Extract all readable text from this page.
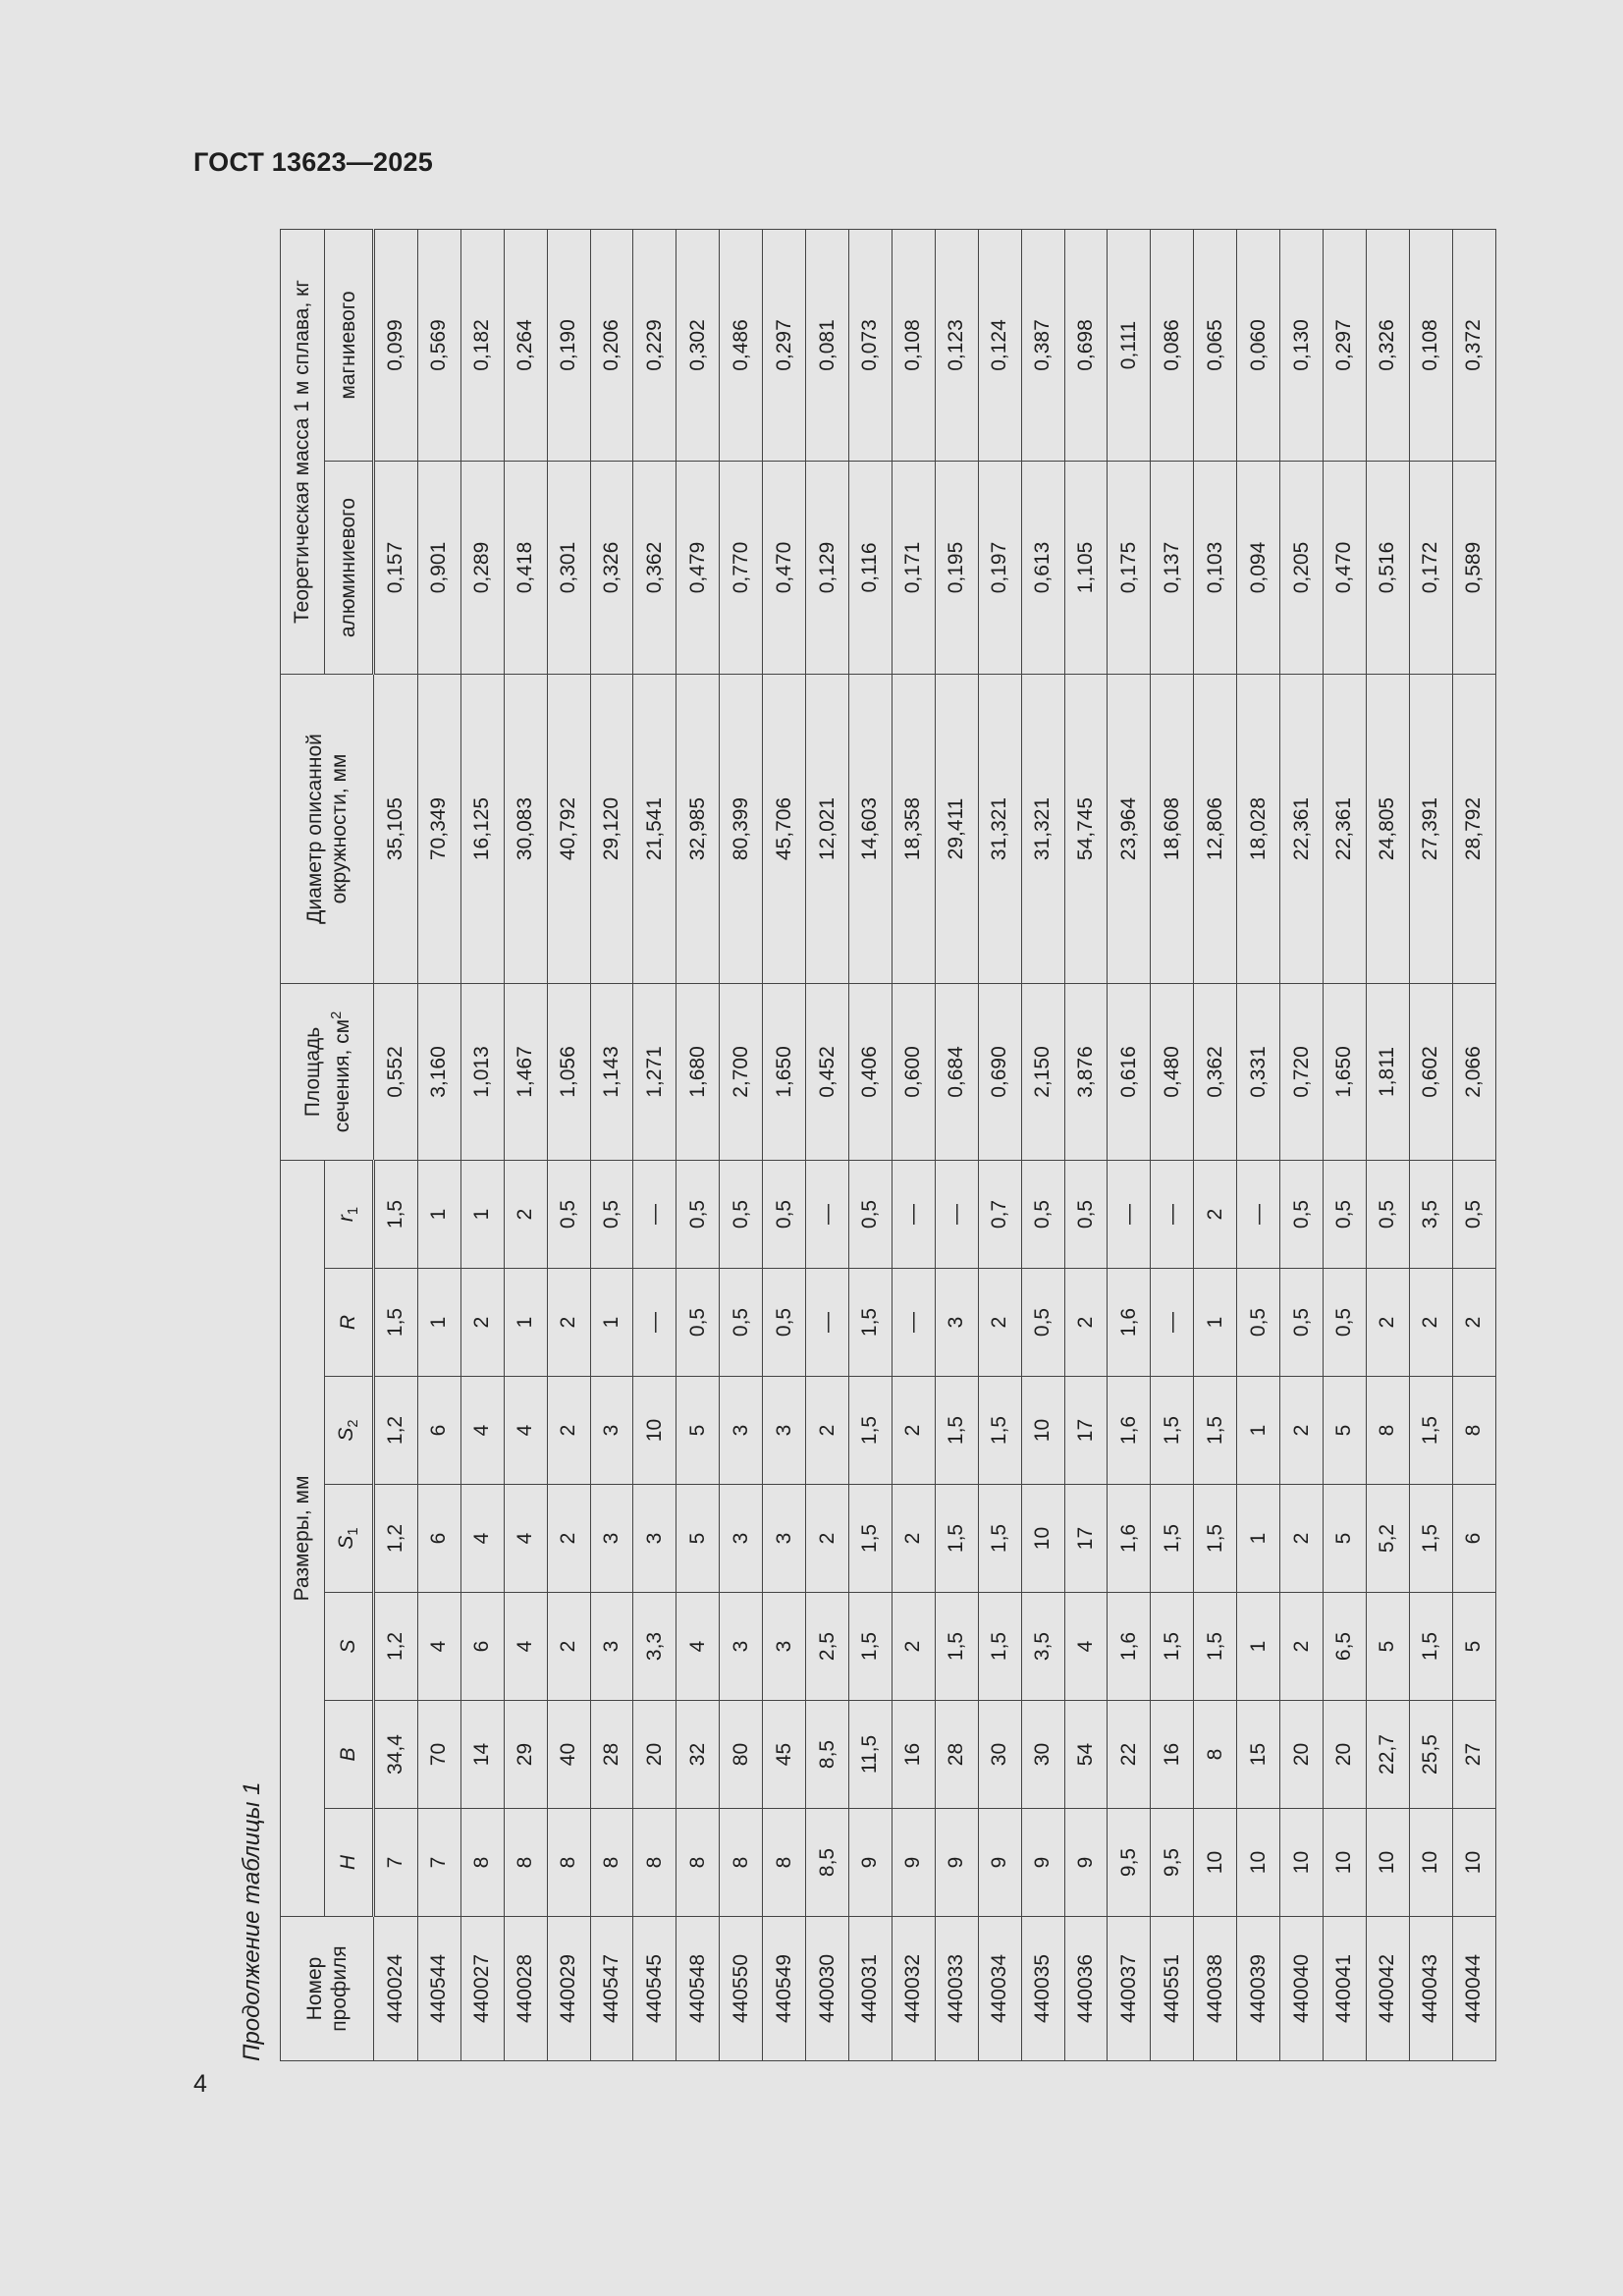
ГОСТ 13623—2025
Продолжение таблицы 1	Номер профиля	Размеры, мм							Площадь сечения, $см^2$	Диаметр описанной окружности, мм	Теоретическая масса 1 м сплава, кг	
	H	B	S	$S_1$	$S_2$	R	$r_1$			алюминиевого	магниевого
440024	7	34,4	1,2	1,2	1,2	1,5	1,5	0,552	35,105	0,157	0,099
440544	7	70	4	6	6	1	1	3,160	70,349	0,901	0,569
440027	8	14	6	4	4	2	1	1,013	16,125	0,289	0,182
440028	8	29	4	4	4	1	2	1,467	30,083	0,418	0,264
440029	8	40	2	2	2	2	0,5	1,056	40,792	0,301	0,190
440547	8	28	3	3	3	1	0,5	1,143	29,120	0,326	0,206
440545	8	20	3,3	3	10	—	—	1,271	21,541	0,362	0,229
440548	8	32	4	5	5	0,5	0,5	1,680	32,985	0,479	0,302
440550	8	80	3	3	3	0,5	0,5	2,700	80,399	0,770	0,486
440549	8	45	3	3	3	0,5	0,5	1,650	45,706	0,470	0,297
440030	8,5	8,5	2,5	2	2	—	—	0,452	12,021	0,129	0,081
440031	9	11,5	1,5	1,5	1,5	1,5	0,5	0,406	14,603	0,116	0,073
440032	9	16	2	2	2	—	—	0,600	18,358	0,171	0,108
440033	9	28	1,5	1,5	1,5	3	—	0,684	29,411	0,195	0,123
440034	9	30	1,5	1,5	1,5	2	0,7	0,690	31,321	0,197	0,124
440035	9	30	3,5	10	10	0,5	0,5	2,150	31,321	0,613	0,387
440036	9	54	4	17	17	2	0,5	3,876	54,745	1,105	0,698
440037	9,5	22	1,6	1,6	1,6	1,6	—	0,616	23,964	0,175	0,111
440551	9,5	16	1,5	1,5	1,5	—	—	0,480	18,608	0,137	0,086
440038	10	8	1,5	1,5	1,5	1	2	0,362	12,806	0,103	0,065
440039	10	15	1	1	1	0,5	—	0,331	18,028	0,094	0,060
440040	10	20	2	2	2	0,5	0,5	0,720	22,361	0,205	0,130
440041	10	20	6,5	5	5	0,5	0,5	1,650	22,361	0,470	0,297
440042	10	22,7	5	5,2	8	2	0,5	1,811	24,805	0,516	0,326
440043	10	25,5	1,5	1,5	1,5	2	3,5	0,602	27,391	0,172	0,108
440044	10	27	5	6	8	2	0,5	2,066	28,792	0,589	0,372
4
